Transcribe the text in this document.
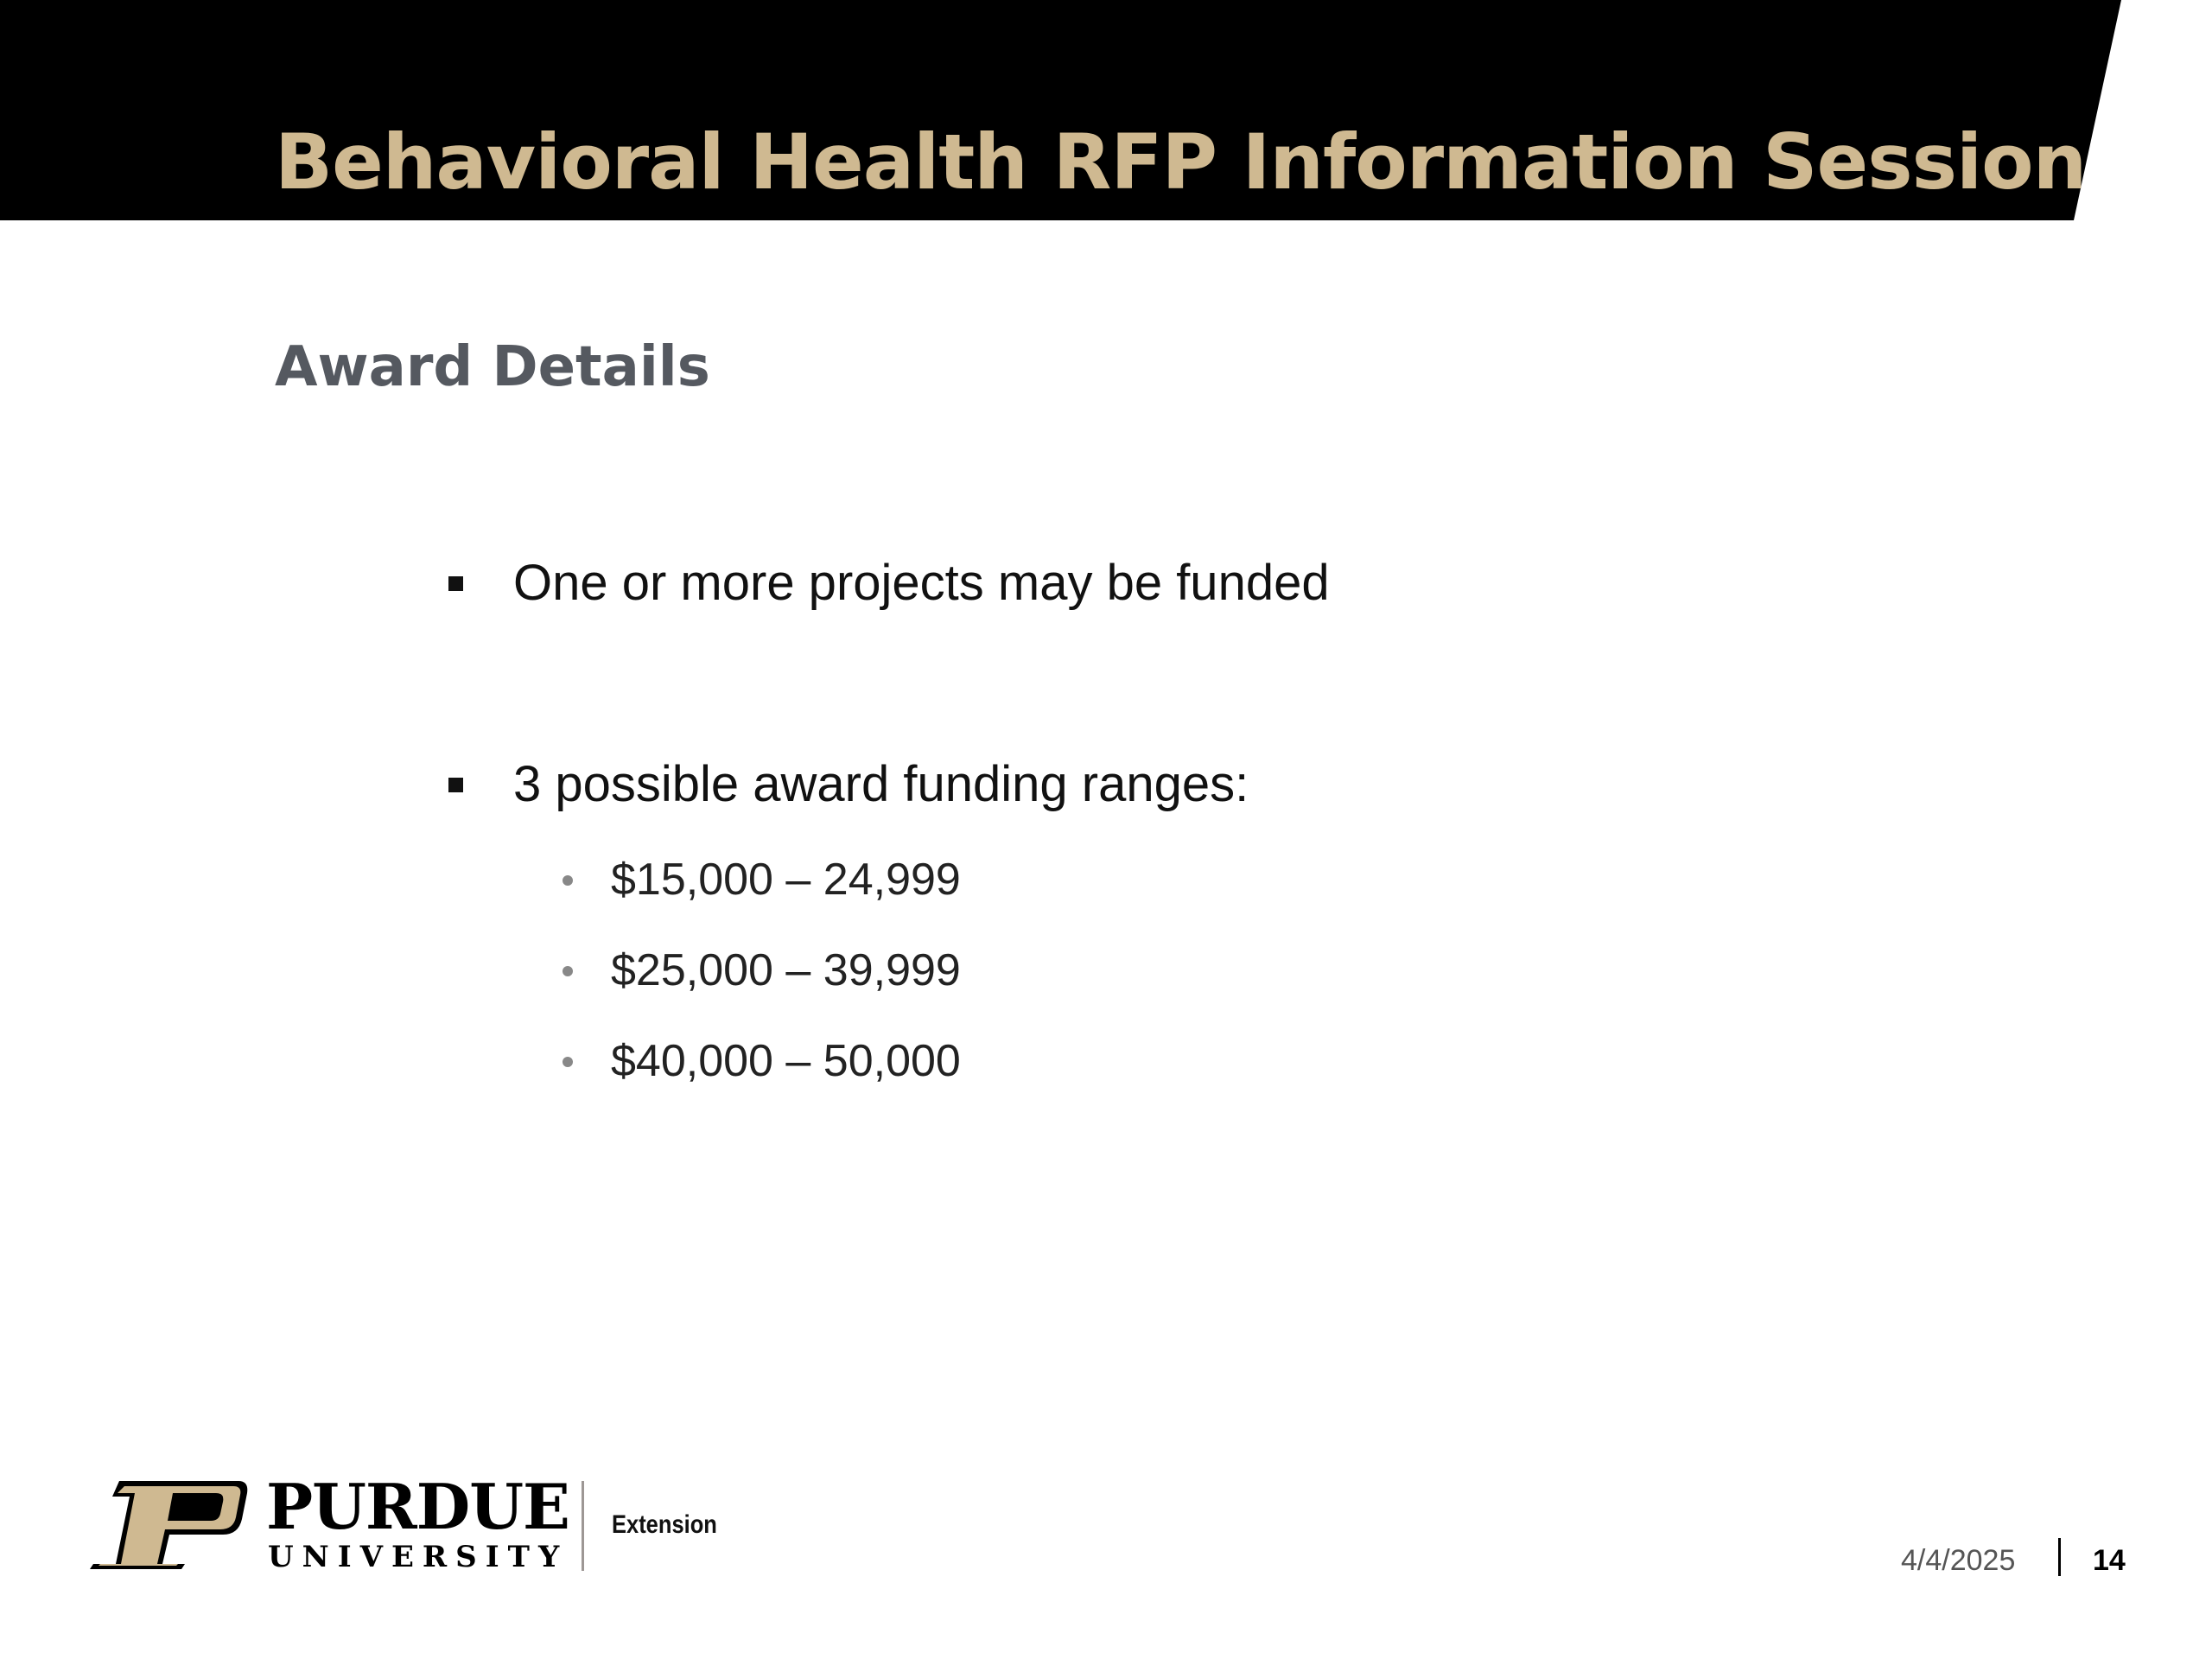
Behavioral Health RFP Information Session
Award Details
One or more projects may be funded
3 possible award funding ranges:
$15,000 – 24,999
$25,000 – 39,999
$40,000 – 50,000
PURDUE
UNIVERSITY
Extension
4/4/2025	14
